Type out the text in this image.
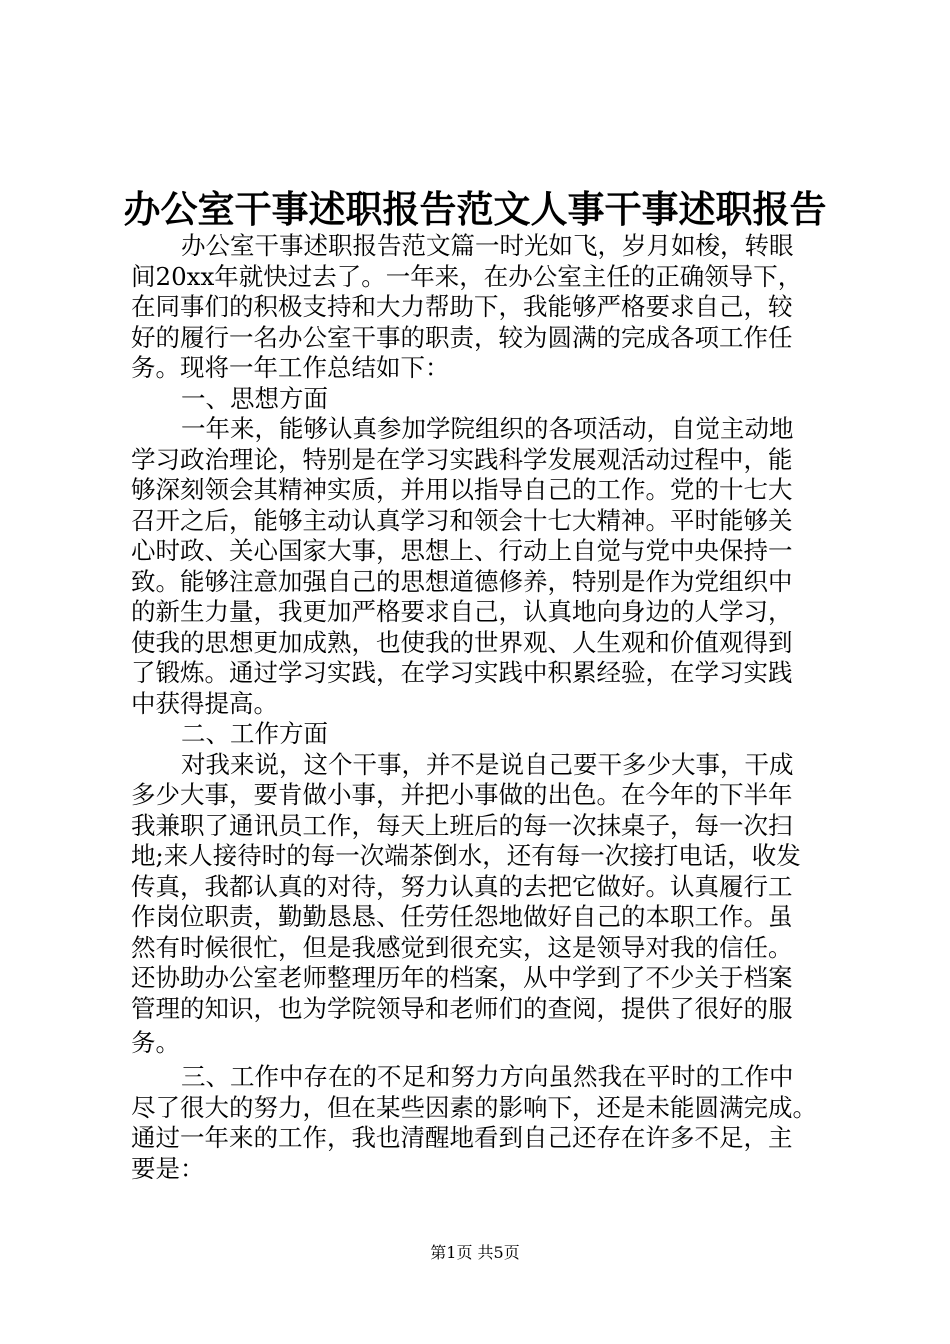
办公室干事述职报告范文人事干事述职报告
办公室干事述职报告范文篇一时光如飞，岁月如梭，转眼
间20xx年就快过去了。一年来，在办公室主任的正确领导下，
在同事们的积极支持和大力帮助下，我能够严格要求自己，较
好的履行一名办公室干事的职责，较为圆满的完成各项工作任
务。现将一年工作总结如下：
一、思想方面
一年来，能够认真参加学院组织的各项活动，自觉主动地
学习政治理论，特别是在学习实践科学发展观活动过程中，能
够深刻领会其精神实质，并用以指导自己的工作。党的十七大
召开之后，能够主动认真学习和领会十七大精神。平时能够关
心时政、关心国家大事，思想上、行动上自觉与党中央保持一
致。能够注意加强自己的思想道德修养，特别是作为党组织中
的新生力量，我更加严格要求自己，认真地向身边的人学习，
使我的思想更加成熟，也使我的世界观、人生观和价值观得到
了锻炼。通过学习实践，在学习实践中积累经验，在学习实践
中获得提高。
二、工作方面
对我来说，这个干事，并不是说自己要干多少大事，干成
多少大事，要肯做小事，并把小事做的出色。在今年的下半年
我兼职了通讯员工作，每天上班后的每一次抹桌子，每一次扫
地;来人接待时的每一次端茶倒水，还有每一次接打电话，收发
传真，我都认真的对待，努力认真的去把它做好。认真履行工
作岗位职责，勤勤恳恳、任劳任怨地做好自己的本职工作。虽
然有时候很忙，但是我感觉到很充实，这是领导对我的信任。
还协助办公室老师整理历年的档案，从中学到了不少关于档案
管理的知识，也为学院领导和老师们的查阅，提供了很好的服
务。
三、工作中存在的不足和努力方向虽然我在平时的工作中
尽了很大的努力，但在某些因素的影响下，还是未能圆满完成。
通过一年来的工作，我也清醒地看到自己还存在许多不足，主
要是：
第1页 共5页
